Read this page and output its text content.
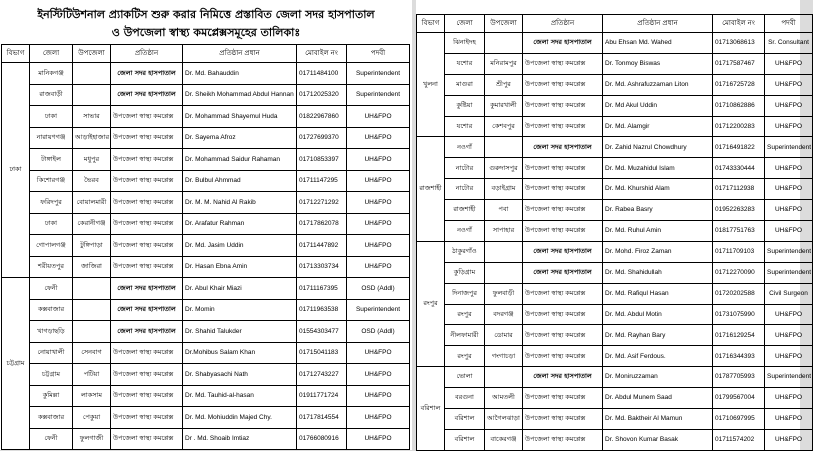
ইনস্টিটিউশনাল প্র্যাকটিস শুরু করার নিমিত্তে প্রস্তাবিত জেলা সদর হাসপাতাল
ও উপজেলা স্বাস্থ্য কমপ্লেক্সসমূহের তালিকাঃ
বিভাগ	জেলা	উপজেলা	প্রতিষ্ঠান	প্রতিষ্ঠান প্রধান	মোবাইল নং	পদবী
ঢাকা	মানিকগঞ্জ		জেলা সদর হাসপাতাল	Dr. Md. Bahauddin	01711484100	Superintendent
	রাজবাড়ী		জেলা সদর হাসপাতাল	Dr. Sheikh Mohammad Abdul Hannan	01712025320	Superintendent
	ঢাকা	সাভার	উপজেলা স্বাস্থ্য কমপ্লেক্স	Dr. Mohammad Shayemul Huda	01822967860	UH&FPO
	নারায়ণগঞ্জ	আড়াইহাজার	উপজেলা স্বাস্থ্য কমপ্লেক্স	Dr. Sayema Afroz	01727699370	UH&FPO
	টাঙ্গাইল	মধুপুর	উপজেলা স্বাস্থ্য কমপ্লেক্স	Dr. Mohammad Saidur Rahaman	01710853397	UH&FPO
	কিশোরগঞ্জ	ভৈরব	উপজেলা স্বাস্থ্য কমপ্লেক্স	Dr. Bulbul Ahmmad	01711147295	UH&FPO
	ফরিদপুর	বোয়ালমারী	উপজেলা স্বাস্থ্য কমপ্লেক্স	Dr. M. M. Nahid Al Rakib	01712271292	UH&FPO
	ঢাকা	কেরানীগঞ্জ	উপজেলা স্বাস্থ্য কমপ্লেক্স	Dr. Arafatur Rahman	01717862078	UH&FPO
	গোপালগঞ্জ	টুঙ্গিপাড়া	উপজেলা স্বাস্থ্য কমপ্লেক্স	Dr. Md. Jasim Uddin	01711447892	UH&FPO
	শরীয়তপুর	জাজিরা	উপজেলা স্বাস্থ্য কমপ্লেক্স	Dr. Hasan Ebna Amin	01713303734	UH&FPO
চট্টগ্রাম	ফেনী		জেলা সদর হাসপাতাল	Dr. Abul Khair Miazi	01711167395	OSD (Addl)
	কক্সবাজার		জেলা সদর হাসপাতাল	Dr. Momin	01711963538	Superintendent
	খাগড়াছড়ি		জেলা সদর হাসপাতাল	Dr. Shahid Talukder	01554303477	OSD (Addl)
	নোয়াখালী	সেনবাগ	উপজেলা স্বাস্থ্য কমপ্লেক্স	Dr.Mohibus Salam Khan	01715041183	UH&FPO
	চট্টগ্রাম	পটিয়া	উপজেলা স্বাস্থ্য কমপ্লেক্স	Dr. Shabyasachi Nath	01712743227	UH&FPO
	কুমিল্লা	লাকসাম	উপজেলা স্বাস্থ্য কমপ্লেক্স	Dr. Md. Tauhid-al-hasan	01911771724	UH&FPO
	কক্সবাজার	পেকুয়া	উপজেলা স্বাস্থ্য কমপ্লেক্স	Dr. Md. Mohiuddin Majed Chy.	01717814554	UH&FPO
	ফেনী	ফুলগাজী	উপজেলা স্বাস্থ্য কমপ্লেক্স	Dr . Md. Shoaib Imtiaz	01766080916	UH&FPO
বিভাগ	জেলা	উপজেলা	প্রতিষ্ঠান	প্রতিষ্ঠান প্রধান	মোবাইল নং	পদবী
খুলনা	ঝিনাইদহ		জেলা সদর হাসপাতাল	Abu Ehsan Md. Wahed	01713068613	Sr. Consultant
	যশোর	মনিরামপুর	উপজেলা স্বাস্থ্য কমপ্লেক্স	Dr. Tonmoy Biswas	01717587467	UH&FPO
	মাগুরা	শ্রীপুর	উপজেলা স্বাস্থ্য কমপ্লেক্স	Dr. Md. Ashrafuzzaman Liton	01716725728	UH&FPO
	কুষ্টিয়া	কুমারখালী	উপজেলা স্বাস্থ্য কমপ্লেক্স	Dr. Md Akul Uddin	01710862886	UH&FPO
	যশোর	কেশবপুর	উপজেলা স্বাস্থ্য কমপ্লেক্স	Dr. Md. Alamgir	01712200283	UH&FPO
রাজশাহী	নওগাঁ		জেলা সদর হাসপাতাল	Dr. Zahid Nazrul Chowdhury	01716491822	Superintendent
	নাটোর	গুরুদাসপুর	উপজেলা স্বাস্থ্য কমপ্লেক্স	Dr. Md. Muzahidul Islam	01743330444	UH&FPO
	নাটোর	বড়াইগ্রাম	উপজেলা স্বাস্থ্য কমপ্লেক্স	Dr. Md. Khurshid Alam	01717112938	UH&FPO
	রাজশাহী	পবা	উপজেলা স্বাস্থ্য কমপ্লেক্স	Dr. Rabea Basry	01952263283	UH&FPO
	নওগাঁ	সাপাহার	উপজেলা স্বাস্থ্য কমপ্লেক্স	Dr. Md. Ruhul Amin	01817751763	UH&FPO
রংপুর	ঠাকুরগাঁও		জেলা সদর হাসপাতাল	Dr. Mohd. Firoz Zaman	01711709103	Superintendent
	কুড়িগ্রাম		জেলা সদর হাসপাতাল	Dr. Md. Shahidullah	01712270090	Superintendent
	দিনাজপুর	ফুলবাড়ী	উপজেলা স্বাস্থ্য কমপ্লেক্স	Dr. Md. Rafiqul Hasan	01720202588	Civil Surgeon
	রংপুর	বদরগঞ্জ	উপজেলা স্বাস্থ্য কমপ্লেক্স	Dr. Md. Abdul Motin	01731075990	UH&FPO
	নীলফামারী	ডোমার	উপজেলা স্বাস্থ্য কমপ্লেক্স	Dr. Md. Rayhan Bary	01716129254	UH&FPO
	রংপুর	গংগাচড়া	উপজেলা স্বাস্থ্য কমপ্লেক্স	Dr. Md. Asif Ferdous.	01716344393	UH&FPO
বরিশাল	ভোলা		জেলা সদর হাসপাতাল	Dr. Moniruzzaman	01787705993	Superintendent
	বরগুনা	আমতলী	উপজেলা স্বাস্থ্য কমপ্লেক্স	Dr. Abdul Munem Saad	01799567004	UH&FPO
	বরিশাল	আগৈলঝাড়া	উপজেলা স্বাস্থ্য কমপ্লেক্স	Dr. Md. Baktheir Al Mamun	01710697995	UH&FPO
	বরিশাল	বাকেরগঞ্জ	উপজেলা স্বাস্থ্য কমপ্লেক্স	Dr. Shovon Kumar Basak	01711574202	UH&FPO
